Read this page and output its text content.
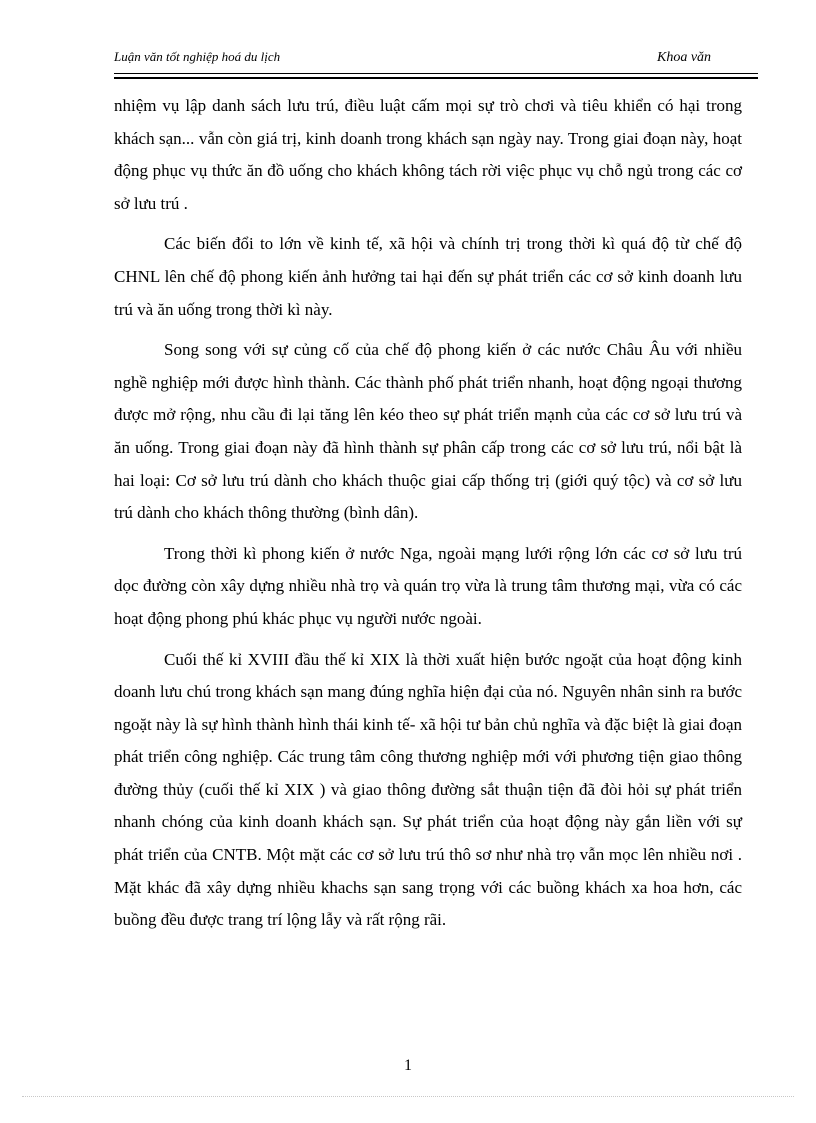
Luận văn tốt nghiệp hoá du lịch	Khoa văn

nhiệm vụ lập danh sách lưu trú, điều luật cấm mọi sự trò chơi và tiêu khiển có hại trong khách sạn... vẫn còn giá trị, kinh doanh trong khách sạn ngày nay. Trong giai đoạn này, hoạt động phục vụ thức ăn đồ uống cho khách không tách rời việc phục vụ chỗ ngủ trong các cơ sở lưu trú .

Các biến đổi to lớn về kinh tế, xã hội và chính trị trong thời kì quá độ từ chế độ CHNL lên chế độ phong kiến ảnh hưởng tai hại đến sự phát triển các cơ sở kinh doanh lưu trú và ăn uống trong thời kì này.

Song song với sự củng cố của chế độ phong kiến ở các nước Châu Âu với nhiều nghề nghiệp mới được hình thành. Các thành phố phát triển nhanh, hoạt động ngoại thương được mở rộng, nhu cầu đi lại tăng lên kéo theo sự phát triển mạnh của các cơ sở lưu trú và ăn uống. Trong giai đoạn này đã hình thành sự phân cấp trong các cơ sở lưu trú, nổi bật là hai loại: Cơ sở lưu trú dành cho khách thuộc giai cấp thống trị (giới quý tộc) và cơ sở lưu trú dành cho khách thông thường (bình dân).

Trong thời kì phong kiến ở nước Nga, ngoài mạng lưới rộng lớn các cơ sở lưu trú dọc đường còn xây dựng nhiều nhà trọ và quán trọ vừa là trung tâm thương mại, vừa có các hoạt động phong phú khác phục vụ người nước ngoài.

Cuối thế kỉ XVIII đầu thế kỉ XIX là thời xuất hiện bước ngoặt của hoạt động kinh doanh lưu chú trong khách sạn mang đúng nghĩa hiện đại của nó. Nguyên nhân sinh ra bước ngoặt này là sự hình thành hình thái kinh tế- xã hội tư bản chủ nghĩa và đặc biệt là giai đoạn phát triển công nghiệp. Các trung tâm công thương nghiệp mới với phương tiện giao thông đường thủy (cuối thế kỉ XIX ) và giao thông đường sắt thuận tiện đã đòi hỏi sự phát triển nhanh chóng của kinh doanh khách sạn. Sự phát triển của hoạt động này gắn liền với sự phát triển của CNTB. Một mặt các cơ sở lưu trú thô sơ như nhà trọ vẫn mọc lên nhiều nơi . Mặt khác đã xây dựng nhiều khachs sạn sang trọng với các buồng khách xa hoa hơn, các buồng đều được trang trí lộng lẫy và rất rộng rãi.

1
